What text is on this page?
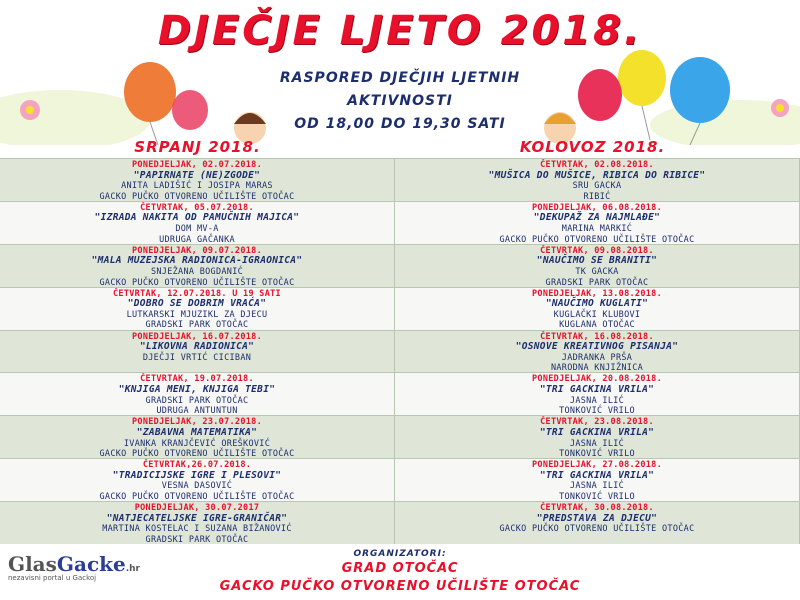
DJEČJE LJETO 2018.
RASPORED DJEČJIH LJETNIH
AKTIVNOSTI
OD 18,00 DO 19,30 SATI
SRPANJ 2018.	KOLOVOZ 2018.
PONEDJELJAK, 02.07.2018.
"PAPIRNATE (NE)ZGODE"
ANITA LADIŠIĆ I JOSIPA MARAS
GACKO PUČKO OTVORENO UČILIŠTE OTOČAC
ČETVRTAK, 02.08.2018.
"MUŠICA DO MUŠICE, RIBICA DO RIBICE"
SRU GACKA
RIBIĆ
ČETVRTAK, 05.07.2018.
"IZRADA NAKITA OD PAMUČNIH MAJICA"
DOM MV-A
UDRUGA GAČANKA
PONEDJELJAK, 06.08.2018.
"DEKUPAŽ ZA NAJMLAĐE"
MARINA MARKIĆ
GACKO PUČKO OTVORENO UČILIŠTE OTOČAC
PONEDJELJAK, 09.07.2018.
"MALA MUZEJSKA RADIONICA-IGRAONICA"
SNJEŽANA BOGDANIĆ
GACKO PUČKO OTVORENO UČILIŠTE OTOČAC
ČETVRTAK, 09.08.2018.
"NAUČIMO SE BRANITI"
TK GACKA
GRADSKI PARK OTOČAC
ČETVRTAK, 12.07.2018. U 19 SATI
"DOBRO SE DOBRIM VRAĆA"
LUTKARSKI MJUZIKL ZA DJECU
GRADSKI PARK OTOČAC
PONEDJELJAK, 13.08.2018.
"NAUČIMO KUGLATI"
KUGLAČKI KLUBOVI
KUGLANA OTOČAC
PONEDJELJAK, 16.07.2018.
"LIKOVNA RADIONICA"
DJEČJI VRTIĆ CICIBAN
ČETVRTAK, 16.08.2018.
"OSNOVE KREATIVNOG PISANJA"
JADRANKA PRŠA
NARODNA KNJIŽNICA
ČETVRTAK, 19.07.2018.
"KNJIGA MENI, KNJIGA TEBI"
GRADSKI PARK OTOČAC
UDRUGA ANTUNTUN
PONEDJELJAK, 20.08.2018.
"TRI GACKINA VRILA"
JASNA ILIĆ
TONKOVIĆ VRILO
PONEDJELJAK, 23.07.2018.
"ZABAVNA MATEMATIKA"
IVANKA KRANJČEVIĆ OREŠKOVIĆ
GACKO PUČKO OTVORENO UČILIŠTE OTOČAC
ČETVRTAK, 23.08.2018.
"TRI GACKINA VRILA"
JASNA ILIĆ
TONKOVIĆ VRILO
ČETVRTAK,26.07.2018.
"TRADICIJSKE IGRE I PLESOVI"
VESNA DASOVIĆ
GACKO PUČKO OTVORENO UČILIŠTE OTOČAC
PONEDJELJAK, 27.08.2018.
"TRI GACKINA VRILA"
JASNA ILIĆ
TONKOVIĆ VRILO
PONEDJELJAK, 30.07.2017
"NATJECATELJSKE IGRE-GRANIČAR"
MARTINA KOSTELAC I SUZANA BIŽANOVIĆ
GRADSKI PARK OTOČAC
ČETVRTAK, 30.08.2018.
"PREDSTAVA ZA DJECU"
GACKO PUČKO OTVORENO UČILIŠTE OTOČAC
ORGANIZATORI:
GRAD OTOČAC
GACKO PUČKO OTVORENO UČILIŠTE OTOČAC
GlasGacke.hr
nezavisni portal u Gackoj
